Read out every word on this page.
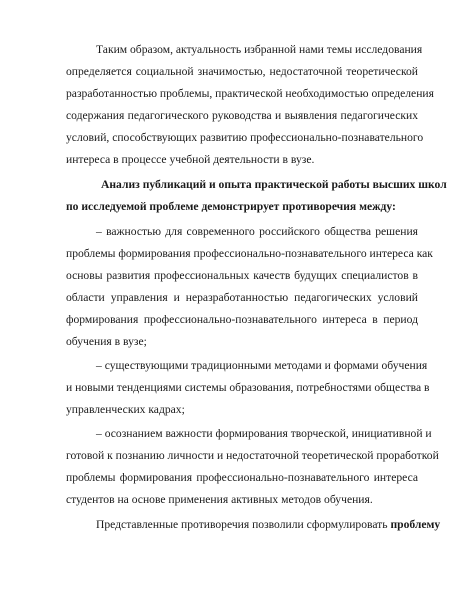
Таким образом, актуальность избранной нами темы исследования
определяется социальной значимостью, недостаточной теоретической
разработанностью проблемы, практической необходимостью определения
содержания педагогического руководства и выявления педагогических
условий, способствующих развитию профессионально-познавательного
интереса в процессе учебной деятельности в вузе.
Анализ публикаций и опыта практической работы высших школ
по исследуемой проблеме демонстрирует противоречия между:
– важностью для современного российского общества решения
проблемы формирования профессионально-познавательного интереса как
основы развития профессиональных качеств будущих специалистов в
области управления и неразработанностью педагогических условий
формирования профессионально-познавательного интереса в период
обучения в вузе;
– существующими традиционными методами и формами обучения
и новыми тенденциями системы образования, потребностями общества в
управленческих кадрах;
– осознанием важности формирования творческой, инициативной и
готовой к познанию личности и недостаточной теоретической проработкой
проблемы формирования профессионально-познавательного интереса
студентов на основе применения активных методов обучения.
Представленные противоречия позволили сформулировать проблему
